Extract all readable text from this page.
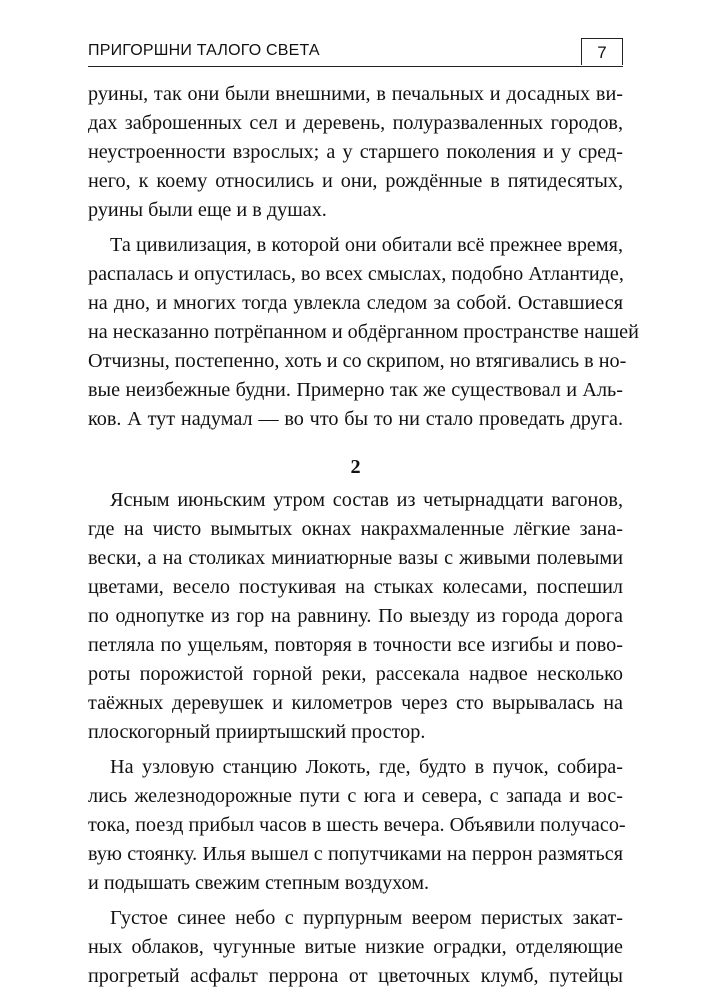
ПРИГОРШНИ ТАЛОГО СВЕТА	7
руины, так они были внешними, в печальных и досадных ви-
дах заброшенных сел и деревень, полуразваленных городов,
неустроенности взрослых; а у старшего поколения и у сред-
него, к коему относились и они, рождённые в пятидесятых,
руины были еще и в душах.
Та цивилизация, в которой они обитали всё прежнее время,
распалась и опустилась, во всех смыслах, подобно Атлантиде,
на дно, и многих тогда увлекла следом за собой. Оставшиеся
на несказанно потрёпанном и обдёрганном пространстве нашей
Отчизны, постепенно, хоть и со скрипом, но втягивались в но-
вые неизбежные будни. Примерно так же существовал и Аль-
ков. А тут надумал — во что бы то ни стало проведать друга.
2
Ясным июньским утром состав из четырнадцати вагонов,
где на чисто вымытых окнах накрахмаленные лёгкие зана-
вески, а на столиках миниатюрные вазы с живыми полевыми
цветами, весело постукивая на стыках колесами, поспешил
по однопутке из гор на равнину. По выезду из города дорога
петляла по ущельям, повторяя в точности все изгибы и пово-
роты порожистой горной реки, рассекала надвое несколько
таёжных деревушек и километров через сто вырывалась на
плоскогорный прииртышский простор.
На узловую станцию Локоть, где, будто в пучок, собира-
лись железнодорожные пути с юга и севера, с запада и вос-
тока, поезд прибыл часов в шесть вечера. Объявили получасо-
вую стоянку. Илья вышел с попутчиками на перрон размяться
и подышать свежим степным воздухом.
Густое синее небо с пурпурным веером перистых закат-
ных облаков, чугунные витые низкие оградки, отделяющие
прогретый асфальт перрона от цветочных клумб, путейцы
